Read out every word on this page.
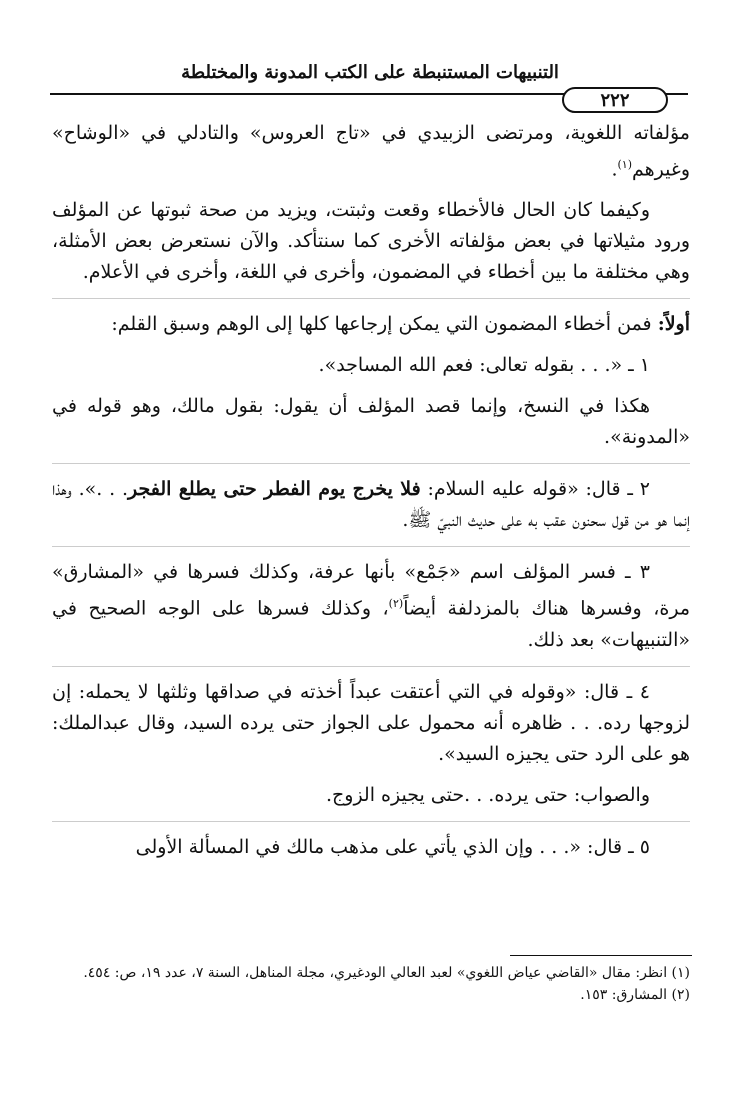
التنبيهات المستنبطة على الكتب المدونة والمختلطة
٢٢٢

مؤلفاته اللغوية، ومرتضى الزبيدي في «تاج العروس» والتادلي في «الوشاح» وغيرهم$^{(١)}$.

وكيفما كان الحال فالأخطاء وقعت وثبتت، ويزيد من صحة ثبوتها عن المؤلف ورود مثيلاتها في بعض مؤلفاته الأخرى كما سنتأكد. والآن نستعرض بعض الأمثلة، وهي مختلفة ما بين أخطاء في المضمون، وأخرى في اللغة، وأخرى في الأعلام.

أولاً: فمن أخطاء المضمون التي يمكن إرجاعها كلها إلى الوهم وسبق القلم:

١ ـ «. . . بقوله تعالى: فعم الله المساجد».

هكذا في النسخ، وإنما قصد المؤلف أن يقول: بقول مالك، وهو قوله في «المدونة».

٢ ـ قال: «قوله عليه السلام: فلا يخرج يوم الفطر حتى يطلع الفجر. . .». وهذا إنما هو من قول سحنون عقب به على حديث النبيّ ﷺ.

٣ ـ فسر المؤلف اسم «جَمْع» بأنها عرفة، وكذلك فسرها في «المشارق» مرة، وفسرها هناك بالمزدلفة أيضاً$^{(٢)}$، وكذلك فسرها على الوجه الصحيح في «التنبيهات» بعد ذلك.

٤ ـ قال: «وقوله في التي أعتقت عبداً أخذته في صداقها وثلثها لا يحمله: إن لزوجها رده. . . ظاهره أنه محمول على الجواز حتى يرده السيد، وقال عبدالملك: هو على الرد حتى يجيزه السيد».

والصواب: حتى يرده. . .حتى يجيزه الزوج.

٥ ـ قال: «. . . وإن الذي يأتي على مذهب مالك في المسألة الأولى

(١) انظر: مقال «القاضي عياض اللغوي» لعبد العالي الودغيري، مجلة المناهل، السنة ٧، عدد ١٩، ص: ٤٥٤.

(٢) المشارق: ١٥٣.
